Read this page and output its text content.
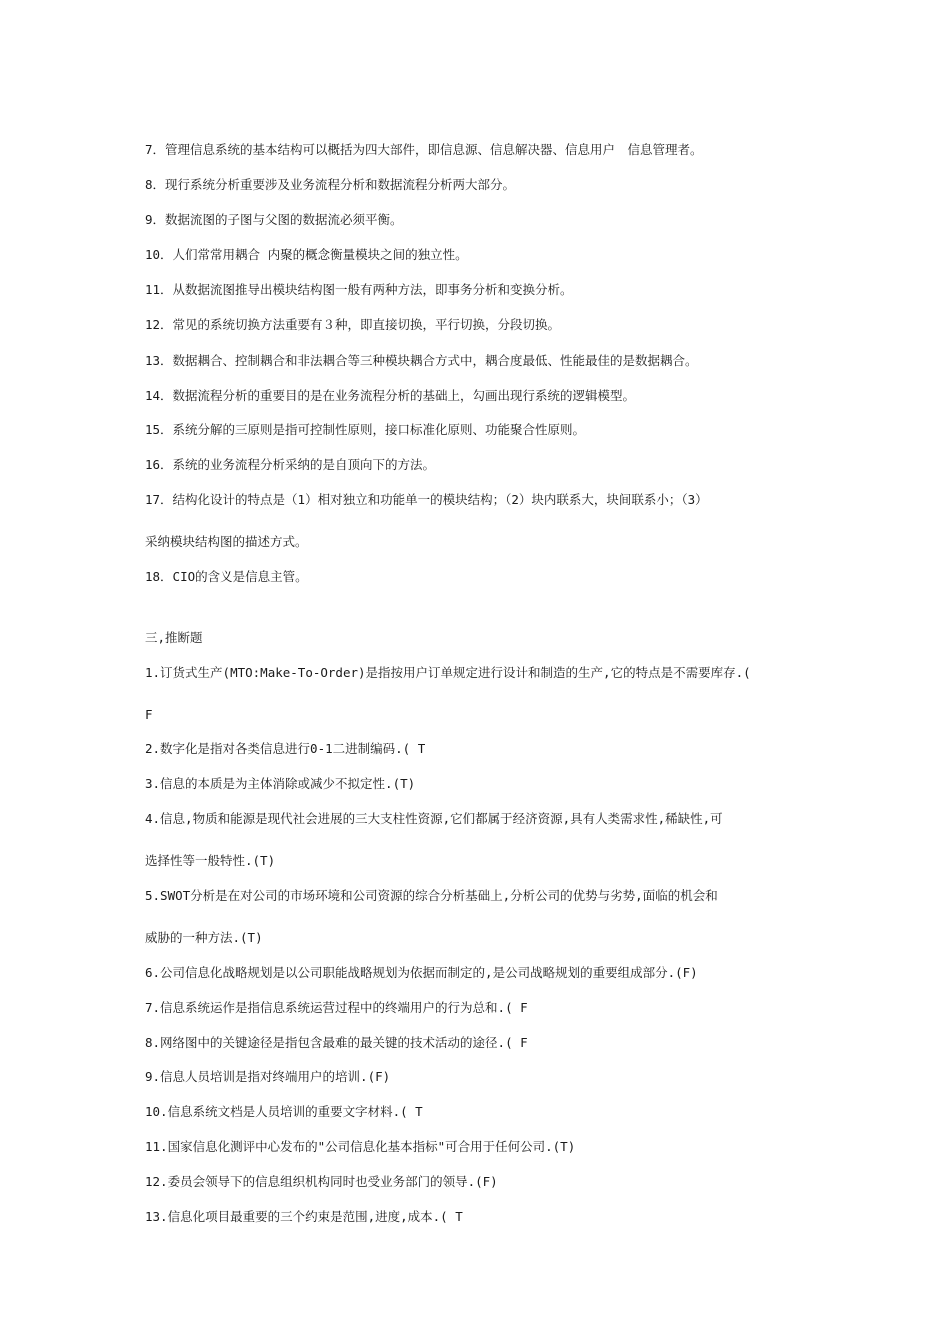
7．管理信息系统的基本结构可以概括为四大部件，即信息源、信息解决器、信息用户　信息管理者。

8．现行系统分析重要涉及业务流程分析和数据流程分析两大部分。

9．数据流图的子图与父图的数据流必须平衡。

10．人们常常用耦合 内聚的概念衡量模块之间的独立性。

11．从数据流图推导出模块结构图一般有两种方法，即事务分析和变换分析。

12．常见的系统切换方法重要有３种，即直接切换，平行切换，分段切换。

13．数据耦合、控制耦合和非法耦合等三种模块耦合方式中，耦合度最低、性能最佳的是数据耦合。

14．数据流程分析的重要目的是在业务流程分析的基础上，勾画出现行系统的逻辑模型。

15．系统分解的三原则是指可控制性原则，接口标准化原则、功能聚合性原则。

16．系统的业务流程分析采纳的是自顶向下的方法。

17．结构化设计的特点是（1）相对独立和功能单一的模块结构；（2）块内联系大，块间联系小；（3）

采纳模块结构图的描述方式。

18．CIO的含义是信息主管。

三,推断题

1.订货式生产(MTO:Make-To-Order)是指按用户订单规定进行设计和制造的生产,它的特点是不需要库存.(

F

2.数字化是指对各类信息进行0-1二进制编码.( T

3.信息的本质是为主体消除或减少不拟定性.(T)

4.信息,物质和能源是现代社会进展的三大支柱性资源,它们都属于经济资源,具有人类需求性,稀缺性,可

选择性等一般特性.(T)

5.SWOT分析是在对公司的市场环境和公司资源的综合分析基础上,分析公司的优势与劣势,面临的机会和

威胁的一种方法.(T)

6.公司信息化战略规划是以公司职能战略规划为依据而制定的,是公司战略规划的重要组成部分.(F)

7.信息系统运作是指信息系统运营过程中的终端用户的行为总和.( F

8.网络图中的关键途径是指包含最难的最关键的技术活动的途径.( F

9.信息人员培训是指对终端用户的培训.(F)

10.信息系统文档是人员培训的重要文字材料.( T

11.国家信息化测评中心发布的"公司信息化基本指标"可合用于任何公司.(T)

12.委员会领导下的信息组织机构同时也受业务部门的领导.(F)

13.信息化项目最重要的三个约束是范围,进度,成本.( T
